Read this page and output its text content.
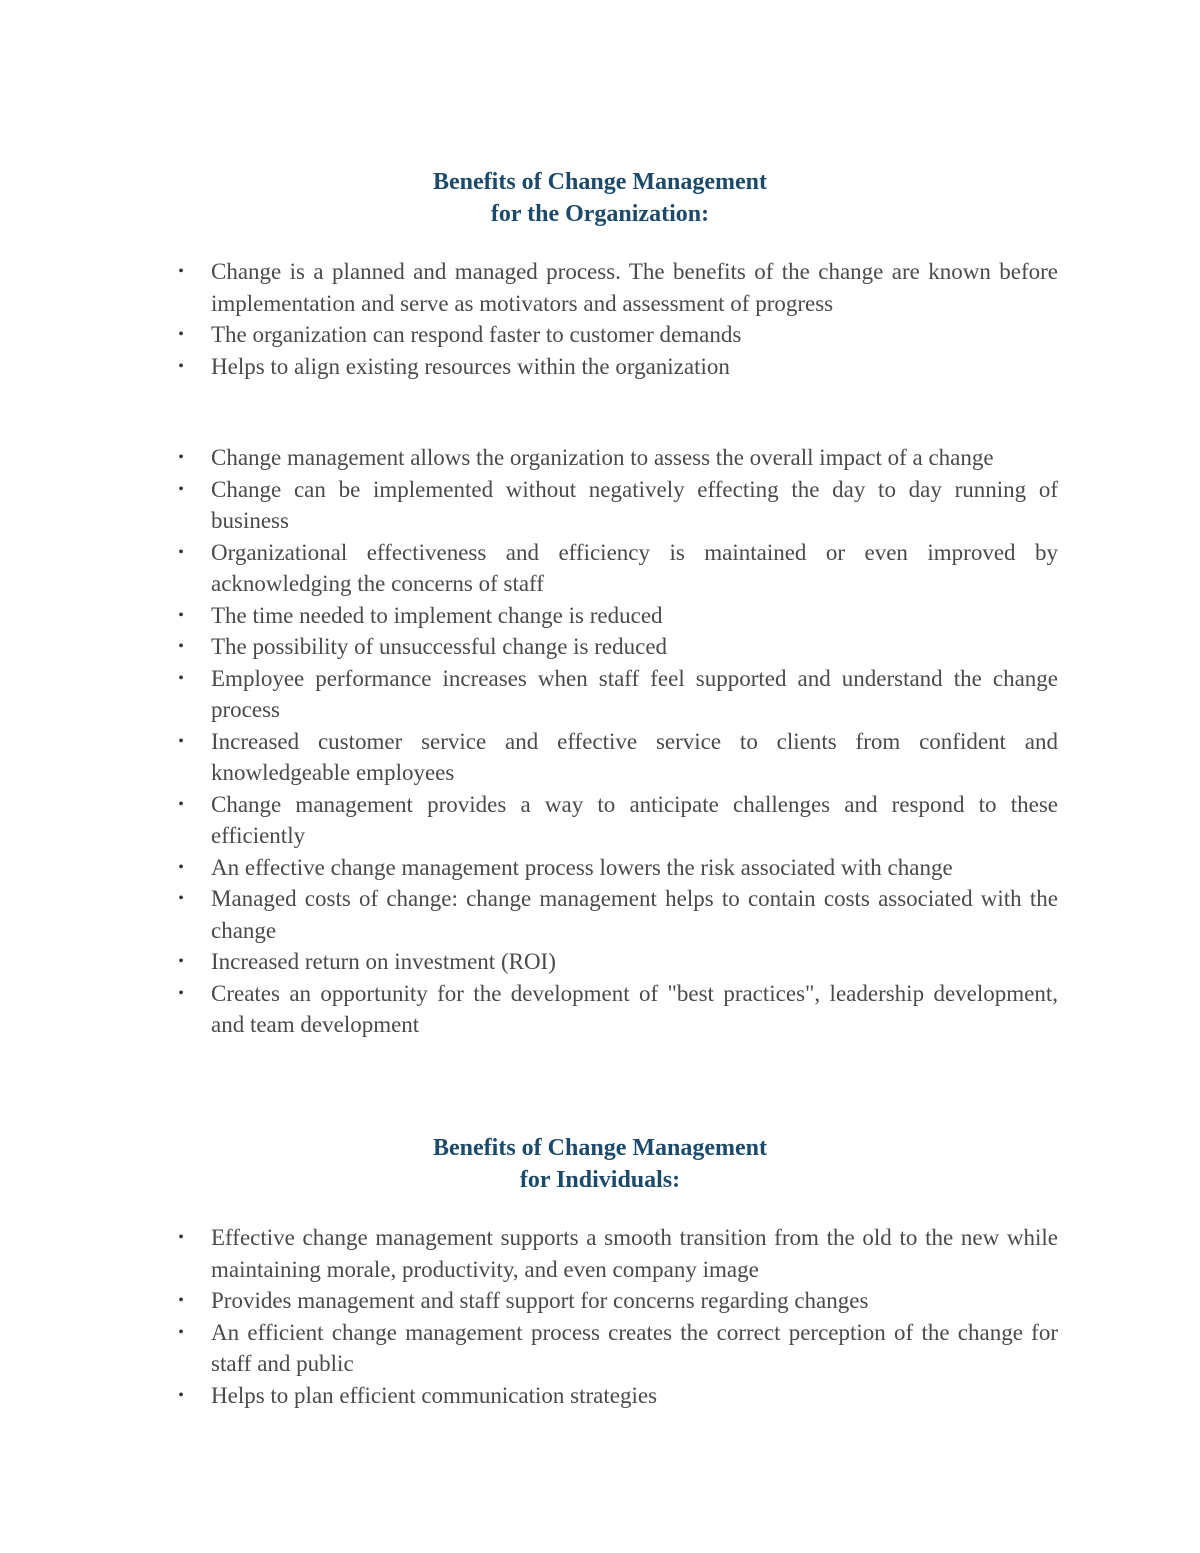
Benefits of Change Management
for the Organization:
• Change is a planned and managed process. The benefits of the change are known before implementation and serve as motivators and assessment of progress
• The organization can respond faster to customer demands
• Helps to align existing resources within the organization
• Change management allows the organization to assess the overall impact of a change
• Change can be implemented without negatively effecting the day to day running of business
• Organizational effectiveness and efficiency is maintained or even improved by acknowledging the concerns of staff
• The time needed to implement change is reduced
• The possibility of unsuccessful change is reduced
• Employee performance increases when staff feel supported and understand the change process
• Increased customer service and effective service to clients from confident and knowledgeable employees
• Change management provides a way to anticipate challenges and respond to these efficiently
• An effective change management process lowers the risk associated with change
• Managed costs of change: change management helps to contain costs associated with the change
• Increased return on investment (ROI)
• Creates an opportunity for the development of "best practices", leadership development, and team development
Benefits of Change Management
for Individuals:
• Effective change management supports a smooth transition from the old to the new while maintaining morale, productivity, and even company image
• Provides management and staff support for concerns regarding changes
• An efficient change management process creates the correct perception of the change for staff and public
• Helps to plan efficient communication strategies
